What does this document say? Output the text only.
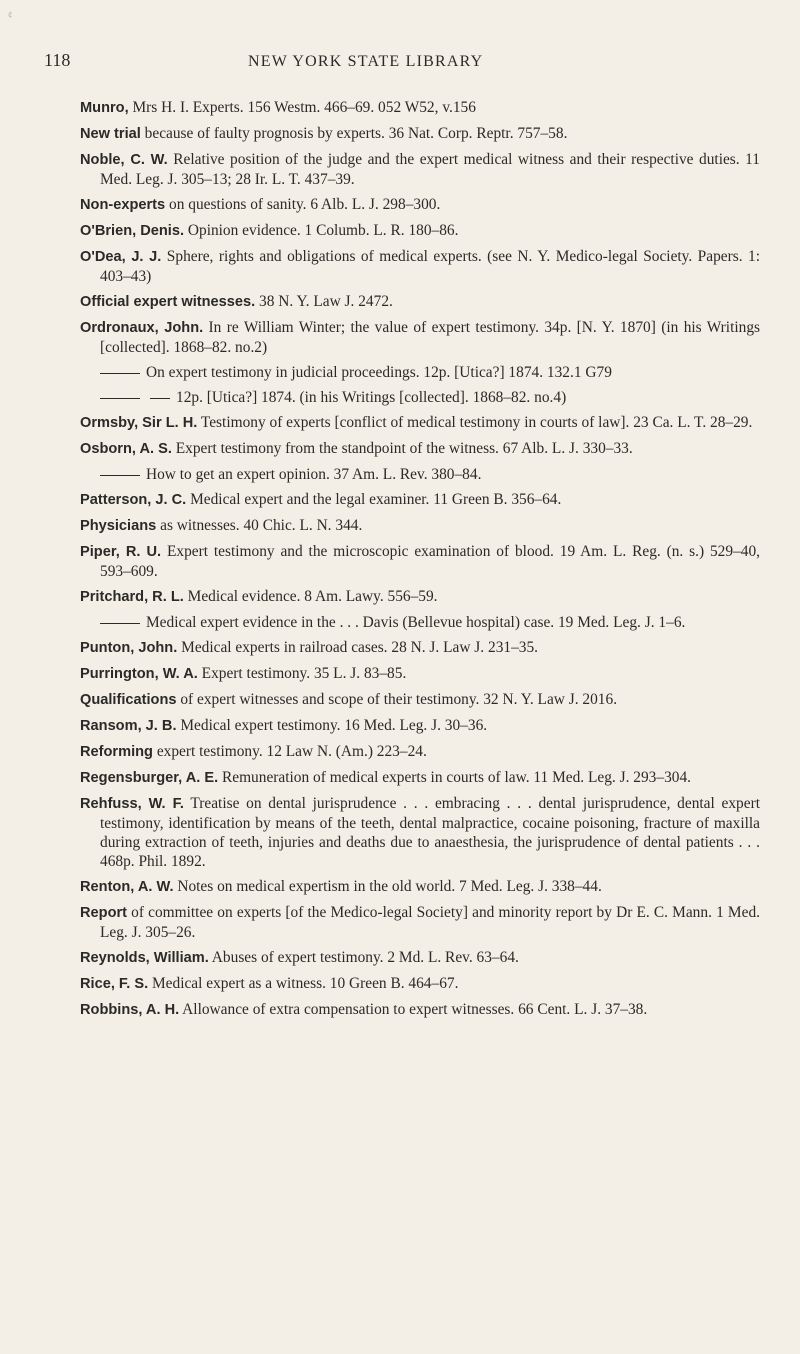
¢
118	NEW YORK STATE LIBRARY

Munro, Mrs H. I. Experts. 156 Westm. 466–69. 052 W52, v.156

New trial because of faulty prognosis by experts. 36 Nat. Corp. Reptr. 757–58.

Noble, C. W. Relative position of the judge and the expert medical witness and their respective duties. 11 Med. Leg. J. 305–13; 28 Ir. L. T. 437–39.

Non-experts on questions of sanity. 6 Alb. L. J. 298–300.

O'Brien, Denis. Opinion evidence. 1 Columb. L. R. 180–86.

O'Dea, J. J. Sphere, rights and obligations of medical experts. (see N. Y. Medico-legal Society. Papers. 1: 403–43)

Official expert witnesses. 38 N. Y. Law J. 2472.

Ordronaux, John. In re William Winter; the value of expert testimony. 34p. [N. Y. 1870] (in his Writings [collected]. 1868–82. no.2)

On expert testimony in judicial proceedings. 12p. [Utica?] 1874. 132.1 G79

12p. [Utica?] 1874. (in his Writings [collected]. 1868–82. no.4)

Ormsby, Sir L. H. Testimony of experts [conflict of medical testimony in courts of law]. 23 Ca. L. T. 28–29.

Osborn, A. S. Expert testimony from the standpoint of the witness. 67 Alb. L. J. 330–33.

How to get an expert opinion. 37 Am. L. Rev. 380–84.

Patterson, J. C. Medical expert and the legal examiner. 11 Green B. 356–64.

Physicians as witnesses. 40 Chic. L. N. 344.

Piper, R. U. Expert testimony and the microscopic examination of blood. 19 Am. L. Reg. (n. s.) 529–40, 593–609.

Pritchard, R. L. Medical evidence. 8 Am. Lawy. 556–59.

Medical expert evidence in the . . . Davis (Bellevue hospital) case. 19 Med. Leg. J. 1–6.

Punton, John. Medical experts in railroad cases. 28 N. J. Law J. 231–35.

Purrington, W. A. Expert testimony. 35 L. J. 83–85.

Qualifications of expert witnesses and scope of their testimony. 32 N. Y. Law J. 2016.

Ransom, J. B. Medical expert testimony. 16 Med. Leg. J. 30–36.

Reforming expert testimony. 12 Law N. (Am.) 223–24.

Regensburger, A. E. Remuneration of medical experts in courts of law. 11 Med. Leg. J. 293–304.

Rehfuss, W. F. Treatise on dental jurisprudence . . . embracing . . . dental jurisprudence, dental expert testimony, identification by means of the teeth, dental malpractice, cocaine poisoning, fracture of maxilla during extraction of teeth, injuries and deaths due to anaesthesia, the jurisprudence of dental patients . . . 468p. Phil. 1892.

Renton, A. W. Notes on medical expertism in the old world. 7 Med. Leg. J. 338–44.

Report of committee on experts [of the Medico-legal Society] and minority report by Dr E. C. Mann. 1 Med. Leg. J. 305–26.

Reynolds, William. Abuses of expert testimony. 2 Md. L. Rev. 63–64.

Rice, F. S. Medical expert as a witness. 10 Green B. 464–67.

Robbins, A. H. Allowance of extra compensation to expert witnesses. 66 Cent. L. J. 37–38.
